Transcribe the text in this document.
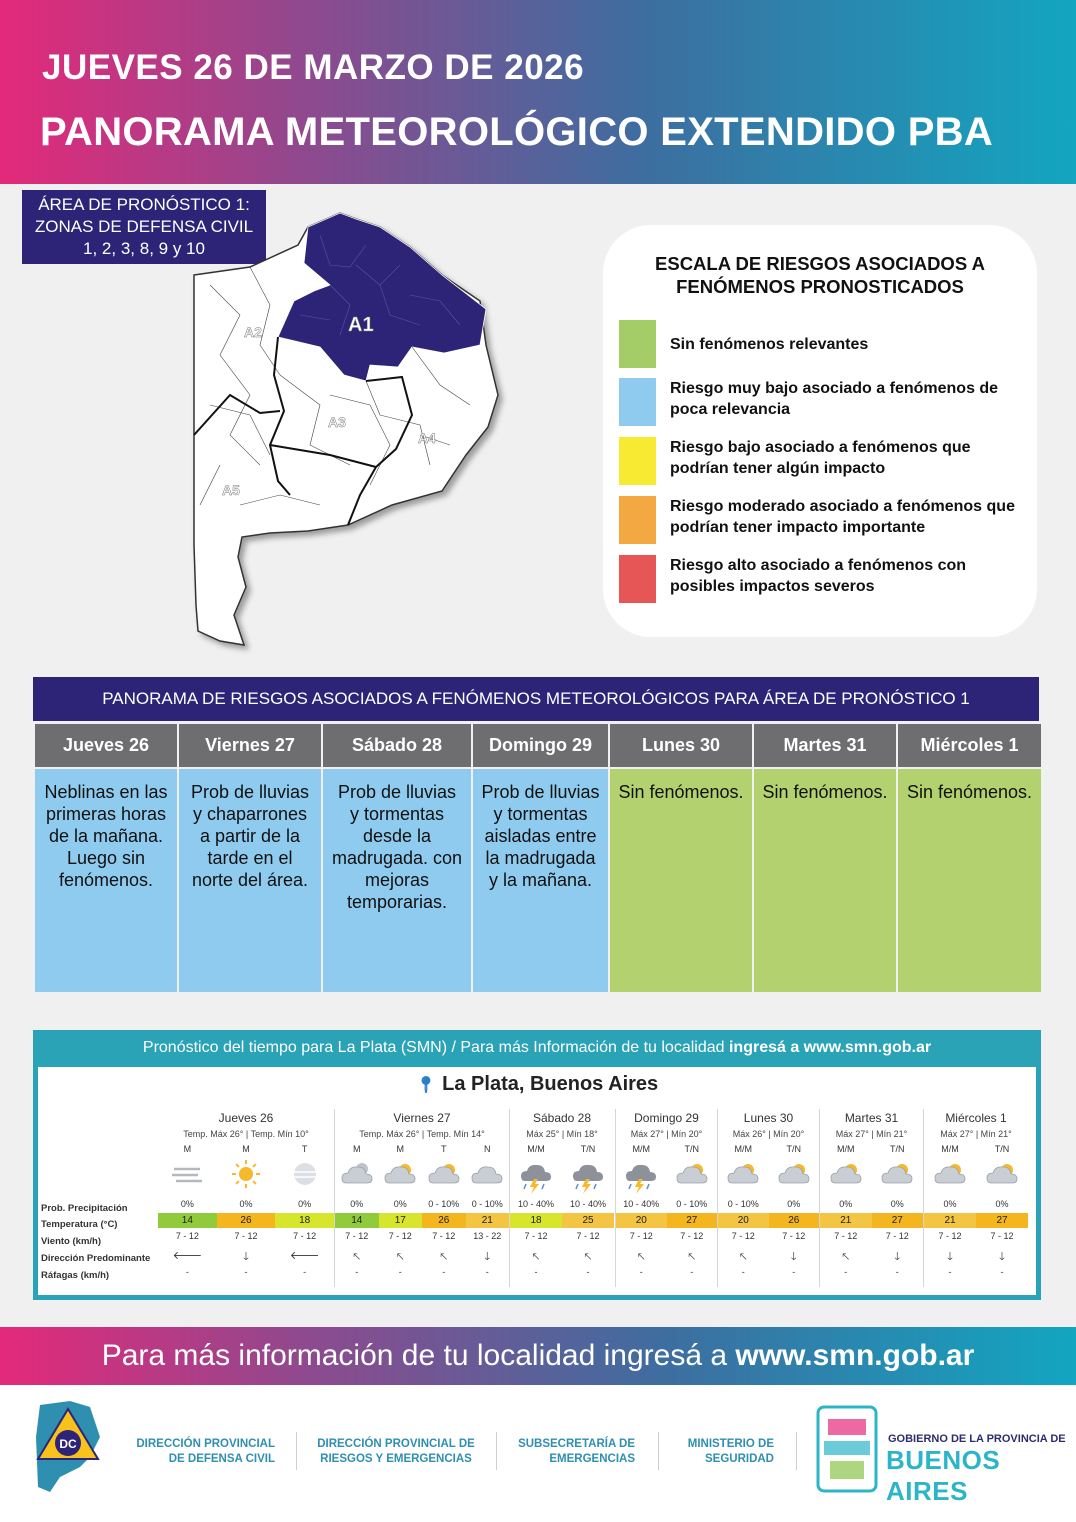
JUEVES 26 DE MARZO DE 2026
PANORAMA METEOROLÓGICO EXTENDIDO PBA
ÁREA DE PRONÓSTICO 1:
ZONAS DE DEFENSA CIVIL
1, 2, 3, 8, 9 y 10
A1
A2
A3
A4
A5
ESCALA DE RIESGOS ASOCIADOS A
FENÓMENOS PRONOSTICADOS
Sin fenómenos relevantes
Riesgo muy bajo asociado a fenómenos de poca relevancia
Riesgo bajo asociado a fenómenos que podrían tener algún impacto
Riesgo moderado asociado a fenómenos que podrían tener impacto importante
Riesgo alto asociado a fenómenos con posibles impactos severos
PANORAMA DE RIESGOS ASOCIADOS A FENÓMENOS METEOROLÓGICOS PARA ÁREA DE PRONÓSTICO 1
Jueves 26
Neblinas en las primeras horas de la mañana. Luego sin fenómenos.
Viernes 27
Prob de lluvias y chaparrones a partir de la tarde en el norte del área.
Sábado 28
Prob de lluvias y tormentas desde la madrugada. con mejoras temporarias.
Domingo 29
Prob de lluvias y tormentas aisladas entre la madrugada y la mañana.
Lunes 30
Sin fenómenos.
Martes 31
Sin fenómenos.
Miércoles 1
Sin fenómenos.
Pronóstico del tiempo para La Plata (SMN) / Para más Información de tu localidad ingresá a www.smn.gob.ar
📍︎ La Plata, Buenos Aires
Prob. Precipitación
Temperatura (°C)
Viento (km/h)
Dirección Predominante
Ráfagas (km/h)
Jueves 26
Temp. Máx 26° | Temp. Mín 10°
M
0%
14
7 - 12
🡐
-
M
0%
26
7 - 12
🡓
-
T
0%
18
7 - 12
🡐
-
Viernes 27
Temp. Máx 26° | Temp. Mín 14°
M
0%
14
7 - 12
🡔
-
M
0%
17
7 - 12
🡔
-
T
0 - 10%
26
7 - 12
🡔
-
N
0 - 10%
21
13 - 22
🡓
-
Sábado 28
Máx 25° | Mín 18°
M/M
10 - 40%
18
7 - 12
🡔
-
T/N
10 - 40%
25
7 - 12
🡔
-
Domingo 29
Máx 27° | Mín 20°
M/M
10 - 40%
20
7 - 12
🡔
-
T/N
0 - 10%
27
7 - 12
🡔
-
Lunes 30
Máx 26° | Mín 20°
M/M
0 - 10%
20
7 - 12
🡔
-
T/N
0%
26
7 - 12
🡓
-
Martes 31
Máx 27° | Mín 21°
M/M
0%
21
7 - 12
🡔
-
T/N
0%
27
7 - 12
🡓
-
Miércoles 1
Máx 27° | Mín 21°
M/M
0%
21
7 - 12
🡓
-
T/N
0%
27
7 - 12
🡓
-
Para más información de tu localidad ingresá a www.smn.gob.ar
DC	DIRECCIÓN PROVINCIAL
DE DEFENSA CIVIL
DIRECCIÓN PROVINCIAL DE
RIESGOS Y EMERGENCIAS
SUBSECRETARÍA DE
EMERGENCIAS
MINISTERIO DE
SEGURIDAD
GOBIERNO DE LA PROVINCIA DE
BUENOS AIRES
